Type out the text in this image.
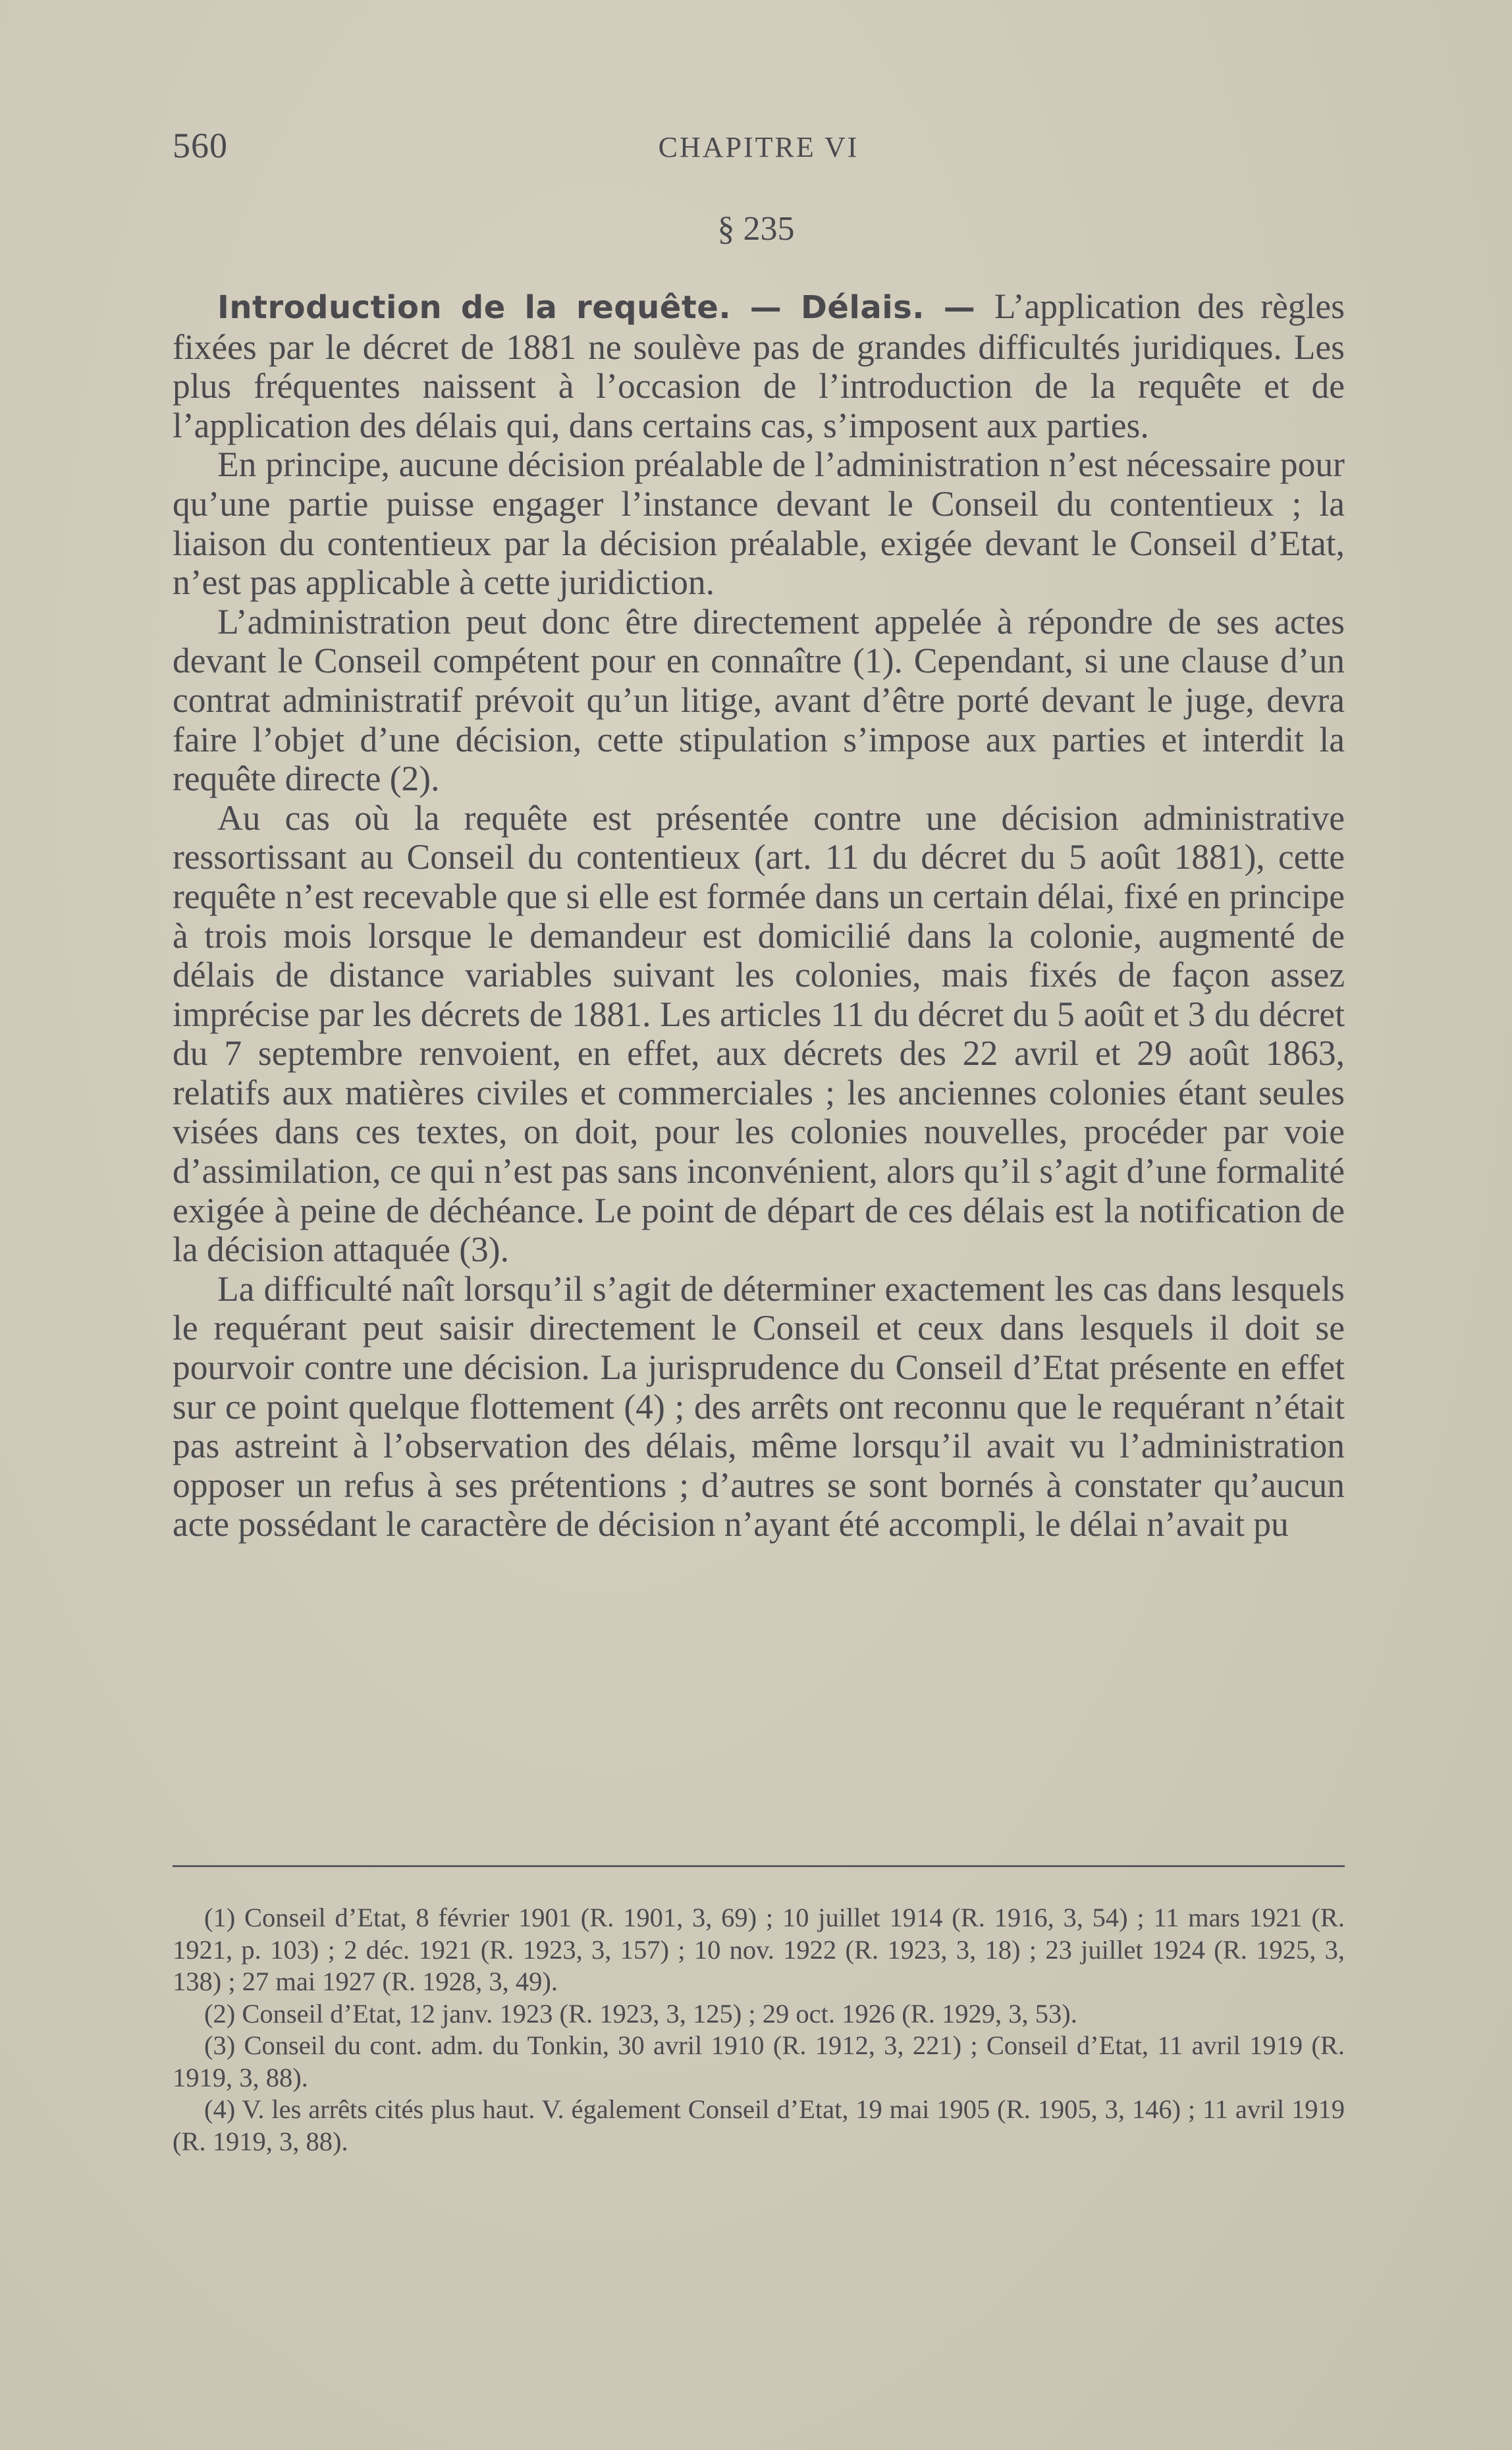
560	CHAPITRE VI
§ 235

Introduction de la requête. — Délais. — L’application des règles fixées par le décret de 1881 ne soulève pas de grandes difficultés juridiques. Les plus fréquentes naissent à l’occasion de l’introduction de la requête et de l’application des délais qui, dans certains cas, s’imposent aux parties.

En principe, aucune décision préalable de l’administration n’est nécessaire pour qu’une partie puisse engager l’instance devant le Conseil du contentieux ; la liaison du contentieux par la décision préalable, exigée devant le Conseil d’Etat, n’est pas applicable à cette juridiction.

L’administration peut donc être directement appelée à répondre de ses actes devant le Conseil compétent pour en connaître (1). Cependant, si une clause d’un contrat administratif prévoit qu’un litige, avant d’être porté devant le juge, devra faire l’objet d’une décision, cette stipulation s’impose aux parties et interdit la requête directe (2).

Au cas où la requête est présentée contre une décision administrative ressortissant au Conseil du contentieux (art. 11 du décret du 5 août 1881), cette requête n’est recevable que si elle est formée dans un certain délai, fixé en principe à trois mois lorsque le demandeur est domicilié dans la colonie, augmenté de délais de distance variables suivant les colonies, mais fixés de façon assez imprécise par les décrets de 1881. Les articles 11 du décret du 5 août et 3 du décret du 7 septembre renvoient, en effet, aux décrets des 22 avril et 29 août 1863, relatifs aux matières civiles et commerciales ; les anciennes colonies étant seules visées dans ces textes, on doit, pour les colonies nouvelles, procéder par voie d’assimilation, ce qui n’est pas sans inconvénient, alors qu’il s’agit d’une formalité exigée à peine de déchéance. Le point de départ de ces délais est la notification de la décision attaquée (3).

La difficulté naît lorsqu’il s’agit de déterminer exactement les cas dans lesquels le requérant peut saisir directement le Conseil et ceux dans lesquels il doit se pourvoir contre une décision. La jurisprudence du Conseil d’Etat présente en effet sur ce point quelque flottement (4) ; des arrêts ont reconnu que le requérant n’était pas astreint à l’observation des délais, même lorsqu’il avait vu l’administration opposer un refus à ses prétentions ; d’autres se sont bornés à constater qu’aucun acte possédant le caractère de décision n’ayant été accompli, le délai n’avait pu

(1) Conseil d’Etat, 8 février 1901 (R. 1901, 3, 69) ; 10 juillet 1914 (R. 1916, 3, 54) ; 11 mars 1921 (R. 1921, p. 103) ; 2 déc. 1921 (R. 1923, 3, 157) ; 10 nov. 1922 (R. 1923, 3, 18) ; 23 juillet 1924 (R. 1925, 3, 138) ; 27 mai 1927 (R. 1928, 3, 49).

(2) Conseil d’Etat, 12 janv. 1923 (R. 1923, 3, 125) ; 29 oct. 1926 (R. 1929, 3, 53).

(3) Conseil du cont. adm. du Tonkin, 30 avril 1910 (R. 1912, 3, 221) ; Conseil d’Etat, 11 avril 1919 (R. 1919, 3, 88).

(4) V. les arrêts cités plus haut. V. également Conseil d’Etat, 19 mai 1905 (R. 1905, 3, 146) ; 11 avril 1919 (R. 1919, 3, 88).
